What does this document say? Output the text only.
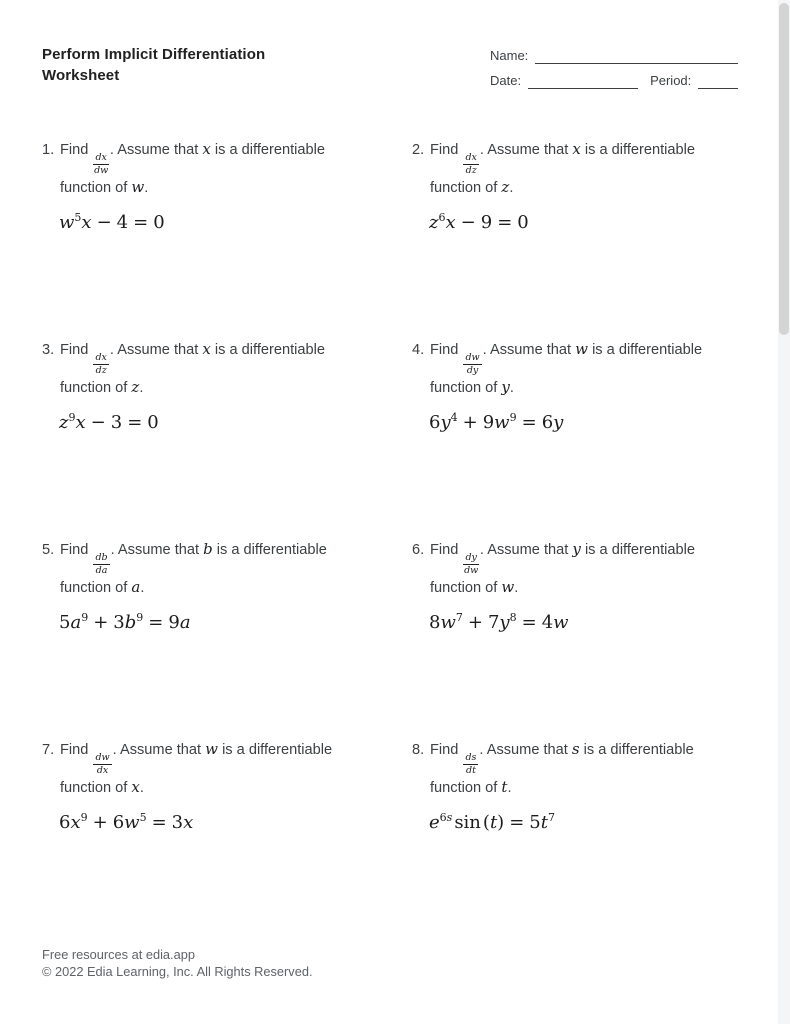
Perform Implicit Differentiation
Worksheet
Name:
Date:	Period:
1. Find
$\frac{dx}{dw}$
. Assume that x is a differentiable
function of w.
$w^5x - 4 = 0$
2. Find
$\frac{dx}{dz}$
. Assume that x is a differentiable
function of z.
$z^6x - 9 = 0$
3. Find
$\frac{dx}{dz}$
. Assume that x is a differentiable
function of z.
$z^9x - 3 = 0$
4. Find
$\frac{dw}{dy}$
. Assume that w is a differentiable
function of y.
$6y^4 + 9w^9 = 6y$
5. Find
$\frac{db}{da}$
. Assume that b is a differentiable
function of a.
$5a^9 + 3b^9 = 9a$
6. Find
$\frac{dy}{dw}$
. Assume that y is a differentiable
function of w.
$8w^7 + 7y^8 = 4w$
7. Find
$\frac{dw}{dx}$
. Assume that w is a differentiable
function of x.
$6x^9 + 6w^5 = 3x$
8. Find
$\frac{ds}{dt}$
. Assume that s is a differentiable
function of t.
$e^{6s}$ $\sin (t) = 5t^7$
Free resources at edia.app
© 2022 Edia Learning, Inc. All Rights Reserved.
